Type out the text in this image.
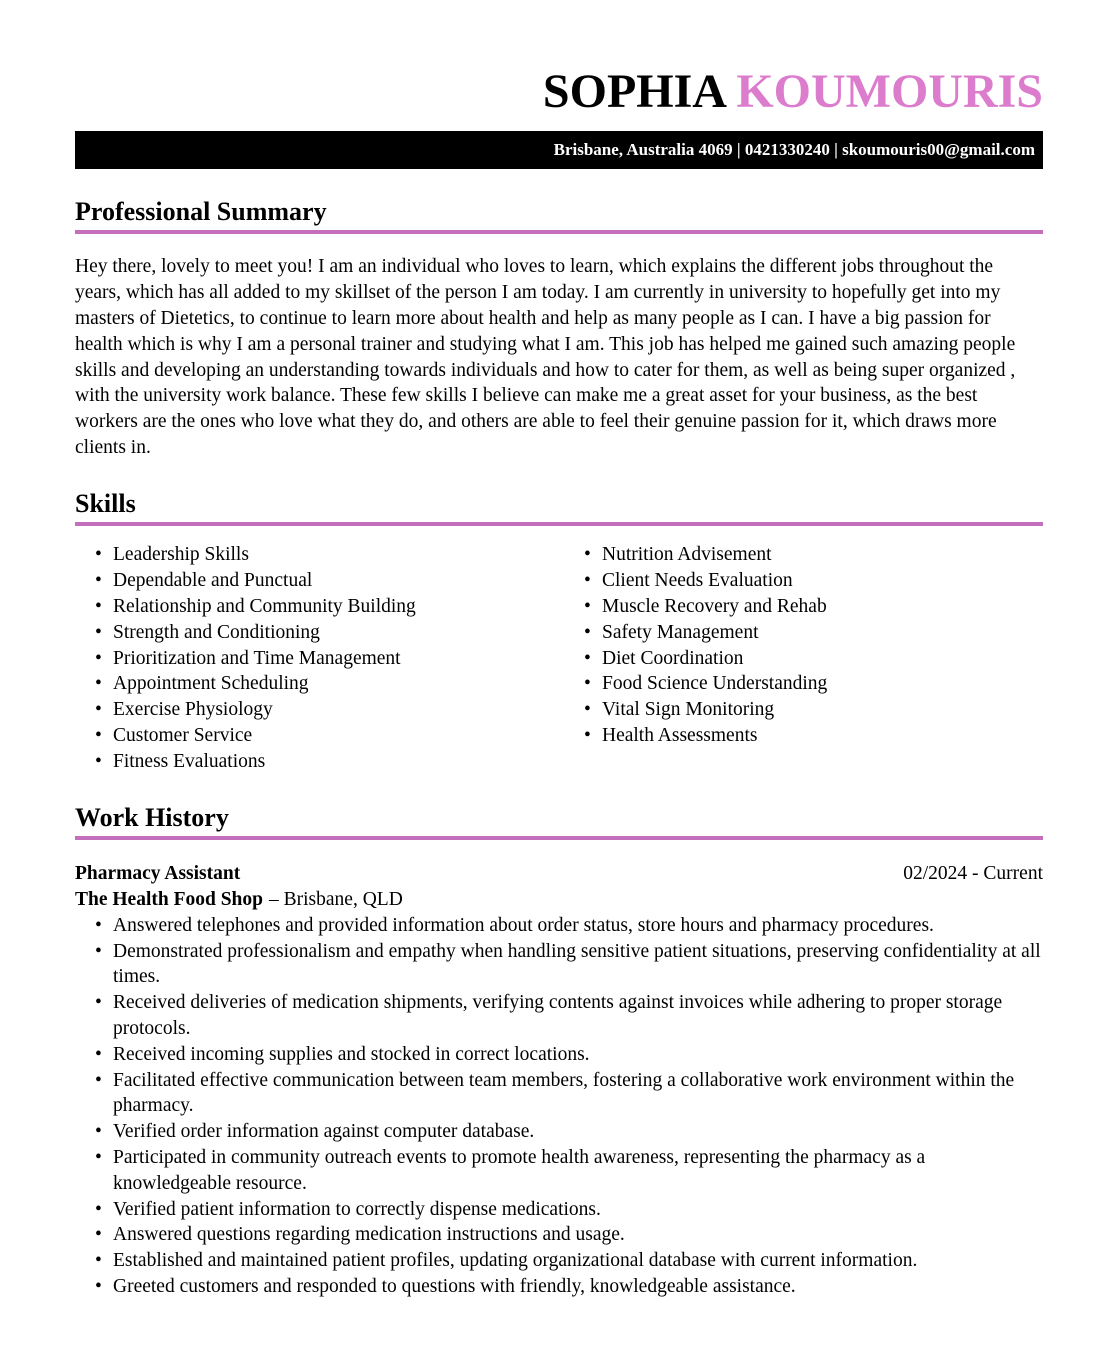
SOPHIA KOUMOURIS
Brisbane, Australia 4069 | 0421330240 | skoumouris00@gmail.com
Professional Summary

Hey there, lovely to meet you! I am an individual who loves to learn, which explains the different jobs throughout the years, which has all added to my skillset of the person I am today. I am currently in university to hopefully get into my masters of Dietetics, to continue to learn more about health and help as many people as I can. I have a big passion for health which is why I am a personal trainer and studying what I am. This job has helped me gained such amazing people skills and developing an understanding towards individuals and how to cater for them, as well as being super organized , with the university work balance. These few skills I believe can make me a great asset for your business, as the best workers are the ones who love what they do, and others are able to feel their genuine passion for it, which draws more clients in.

Skills
• Leadership Skills
• Dependable and Punctual
• Relationship and Community Building
• Strength and Conditioning
• Prioritization and Time Management
• Appointment Scheduling
• Exercise Physiology
• Customer Service
• Fitness Evaluations
• Nutrition Advisement
• Client Needs Evaluation
• Muscle Recovery and Rehab
• Safety Management
• Diet Coordination
• Food Science Understanding
• Vital Sign Monitoring
• Health Assessments
Work History
Pharmacy Assistant	02/2024 - Current
The Health Food Shop – Brisbane, QLD
• Answered telephones and provided information about order status, store hours and pharmacy procedures.
• Demonstrated professionalism and empathy when handling sensitive patient situations, preserving confidentiality at all times.
• Received deliveries of medication shipments, verifying contents against invoices while adhering to proper storage protocols.
• Received incoming supplies and stocked in correct locations.
• Facilitated effective communication between team members, fostering a collaborative work environment within the pharmacy.
• Verified order information against computer database.
• Participated in community outreach events to promote health awareness, representing the pharmacy as a knowledgeable resource.
• Verified patient information to correctly dispense medications.
• Answered questions regarding medication instructions and usage.
• Established and maintained patient profiles, updating organizational database with current information.
• Greeted customers and responded to questions with friendly, knowledgeable assistance.
